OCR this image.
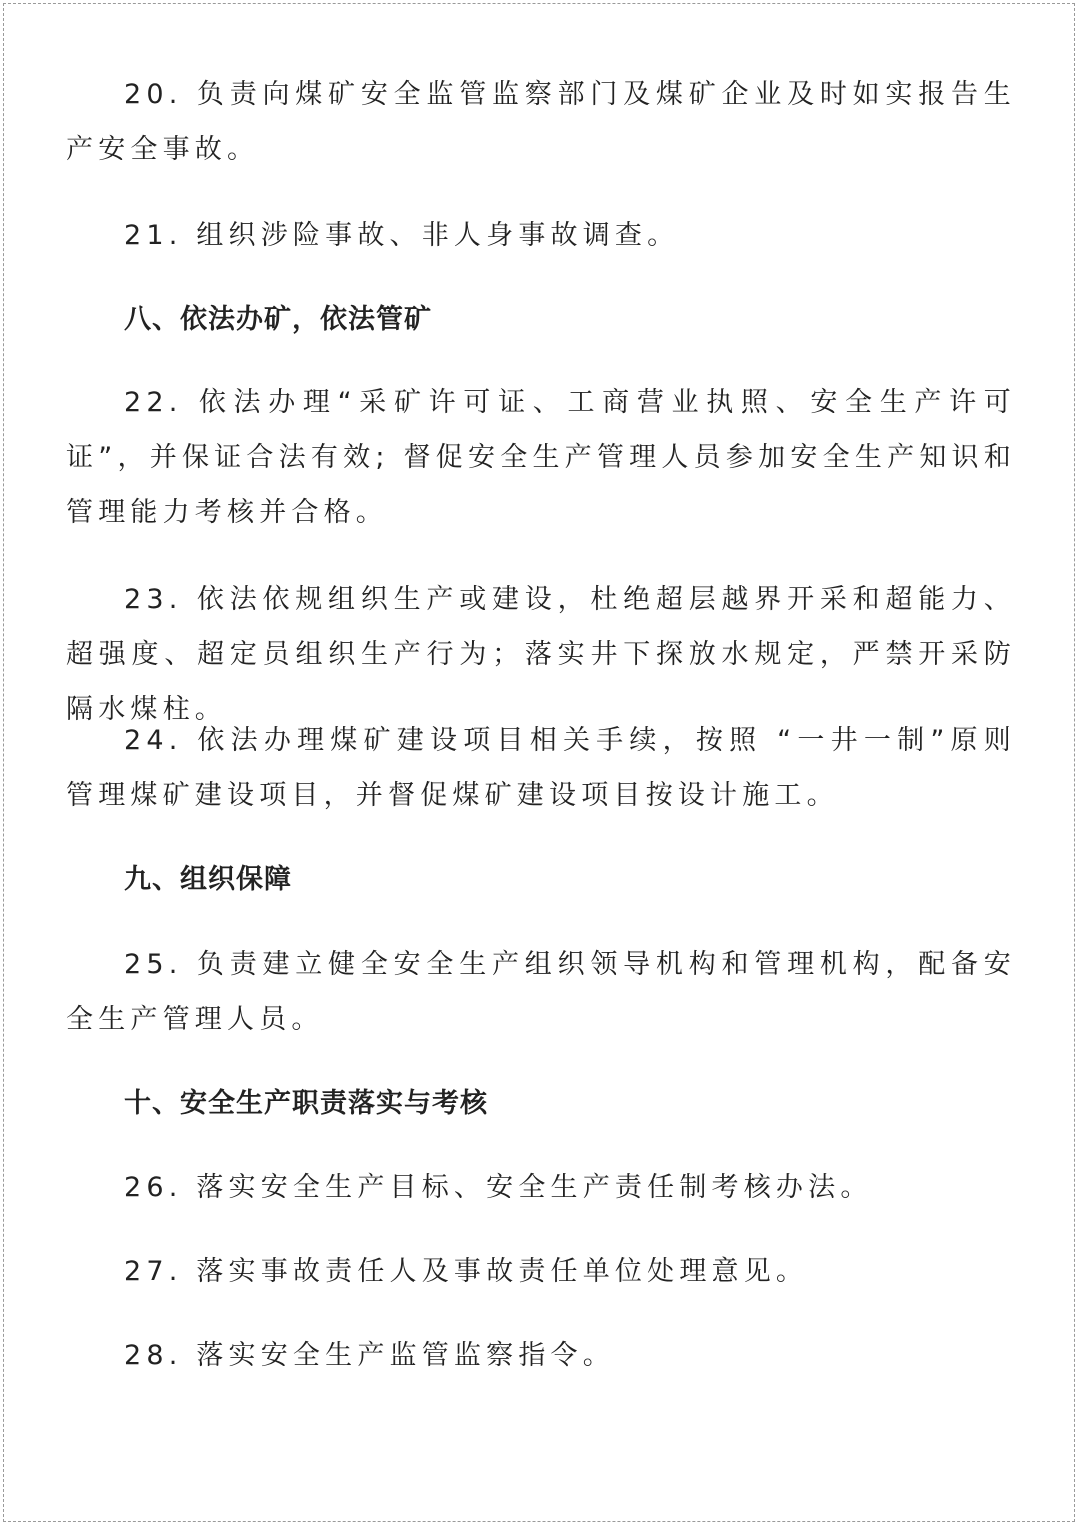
20. 负责向煤矿安全监管监察部门及煤矿企业及时如实报告生产安全事故。

21. 组织涉险事故、非人身事故调查。

八、依法办矿，依法管矿

22. 依法办理“采矿许可证、工商营业执照、安全生产许可证”，并保证合法有效; 督促安全生产管理人员参加安全生产知识和管理能力考核并合格。

23. 依法依规组织生产或建设，杜绝超层越界开采和超能力、超强度、超定员组织生产行为；落实井下探放水规定，严禁开采防隔水煤柱。

24. 依法办理煤矿建设项目相关手续，按照 “一井一制”原则管理煤矿建设项目，并督促煤矿建设项目按设计施工。

九、组织保障

25. 负责建立健全安全生产组织领导机构和管理机构，配备安全生产管理人员。

十、安全生产职责落实与考核

26. 落实安全生产目标、安全生产责任制考核办法。

27. 落实事故责任人及事故责任单位处理意见。

28. 落实安全生产监管监察指令。
